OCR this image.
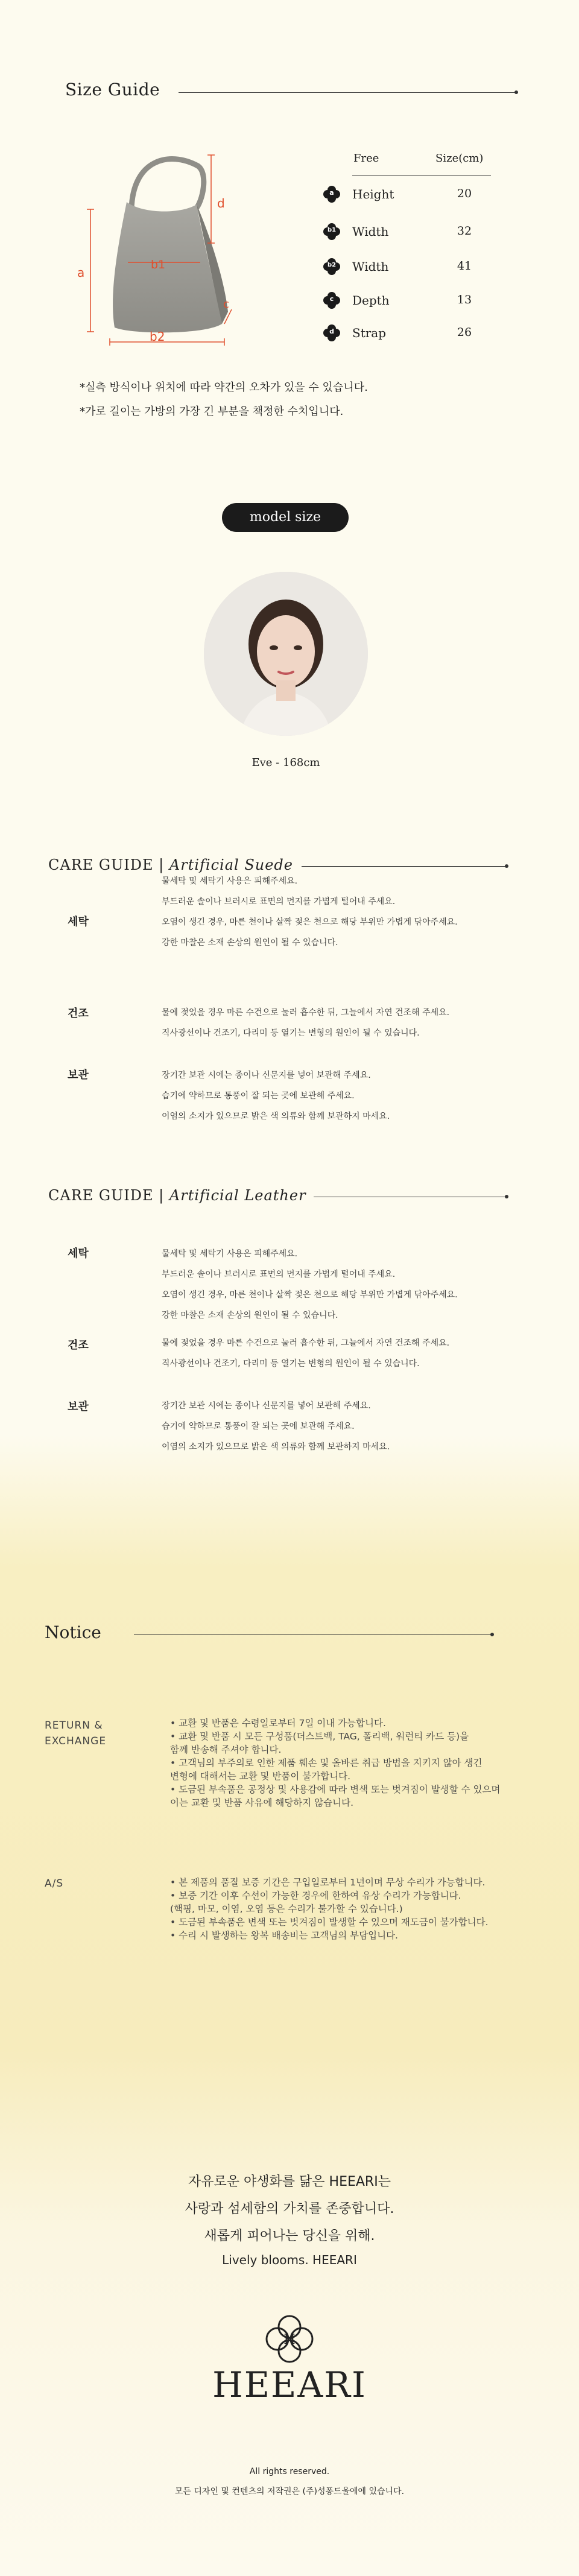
Size Guide
d
a
b1
b2
c
Free	Size(cm)
a	Height	20
b1	Width	32
b2	Width	41
c	Depth	13
d	Strap	26
*실측 방식이나 위치에 따라 약간의 오차가 있을 수 있습니다.
*가로 길이는 가방의 가장 긴 부분을 책정한 수치입니다.
model size
Eve - 168cm
CARE GUIDE | Artificial Suede
세탁
물세탁 및 세탁기 사용은 피해주세요.
부드러운 솔이나 브러시로 표면의 먼지를 가볍게 털어내 주세요.
오염이 생긴 경우, 마른 천이나 살짝 젖은 천으로 해당 부위만 가볍게 닦아주세요.
강한 마찰은 소재 손상의 원인이 될 수 있습니다.
건조	물에 젖었을 경우 마른 수건으로 눌러 흡수한 뒤, 그늘에서 자연 건조해 주세요.
직사광선이나 건조기, 다리미 등 열기는 변형의 원인이 될 수 있습니다.
보관	장기간 보관 시에는 종이나 신문지를 넣어 보관해 주세요.
습기에 약하므로 통풍이 잘 되는 곳에 보관해 주세요.
이염의 소지가 있으므로 밝은 색 의류와 함께 보관하지 마세요.
CARE GUIDE | Artificial Leather
세탁	물세탁 및 세탁기 사용은 피해주세요.
부드러운 솔이나 브러시로 표면의 먼지를 가볍게 털어내 주세요.
오염이 생긴 경우, 마른 천이나 살짝 젖은 천으로 해당 부위만 가볍게 닦아주세요.
강한 마찰은 소재 손상의 원인이 될 수 있습니다.
건조	물에 젖었을 경우 마른 수건으로 눌러 흡수한 뒤, 그늘에서 자연 건조해 주세요.
직사광선이나 건조기, 다리미 등 열기는 변형의 원인이 될 수 있습니다.
보관	장기간 보관 시에는 종이나 신문지를 넣어 보관해 주세요.
습기에 약하므로 통풍이 잘 되는 곳에 보관해 주세요.
이염의 소지가 있으므로 밝은 색 의류와 함께 보관하지 마세요.
Notice
RETURN &
EXCHANGE
• 교환 및 반품은 수령일로부터 7일 이내 가능합니다.
• 교환 및 반품 시 모든 구성품(더스트백, TAG, 폴리백, 워런티 카드 등)을
함께 반송해 주셔야 합니다.
• 고객님의 부주의로 인한 제품 훼손 및 올바른 취급 방법을 지키지 않아 생긴
변형에 대해서는 교환 및 반품이 불가합니다.
• 도금된 부속품은 공정상 및 사용감에 따라 변색 또는 벗겨짐이 발생할 수 있으며
이는 교환 및 반품 사유에 해당하지 않습니다.
A/S	• 본 제품의 품질 보증 기간은 구입일로부터 1년이며 무상 수리가 가능합니다.
• 보증 기간 이후 수선이 가능한 경우에 한하여 유상 수리가 가능합니다.
(핵핑, 마모, 이염, 오염 등은 수리가 불가할 수 있습니다.)
• 도금된 부속품은 변색 또는 벗겨짐이 발생할 수 있으며 재도금이 불가합니다.
• 수리 시 발생하는 왕복 배송비는 고객님의 부담입니다.
자유로운 야생화를 닮은 HEEARI는
사랑과 섬세함의 가치를 존중합니다.
새롭게 피어나는 당신을 위해.
Lively blooms. HEEARI
H
HEEARI
All rights reserved.
모든 디자인 및 컨텐츠의 저작권은 (주)성퐁드울에에 있습니다.
